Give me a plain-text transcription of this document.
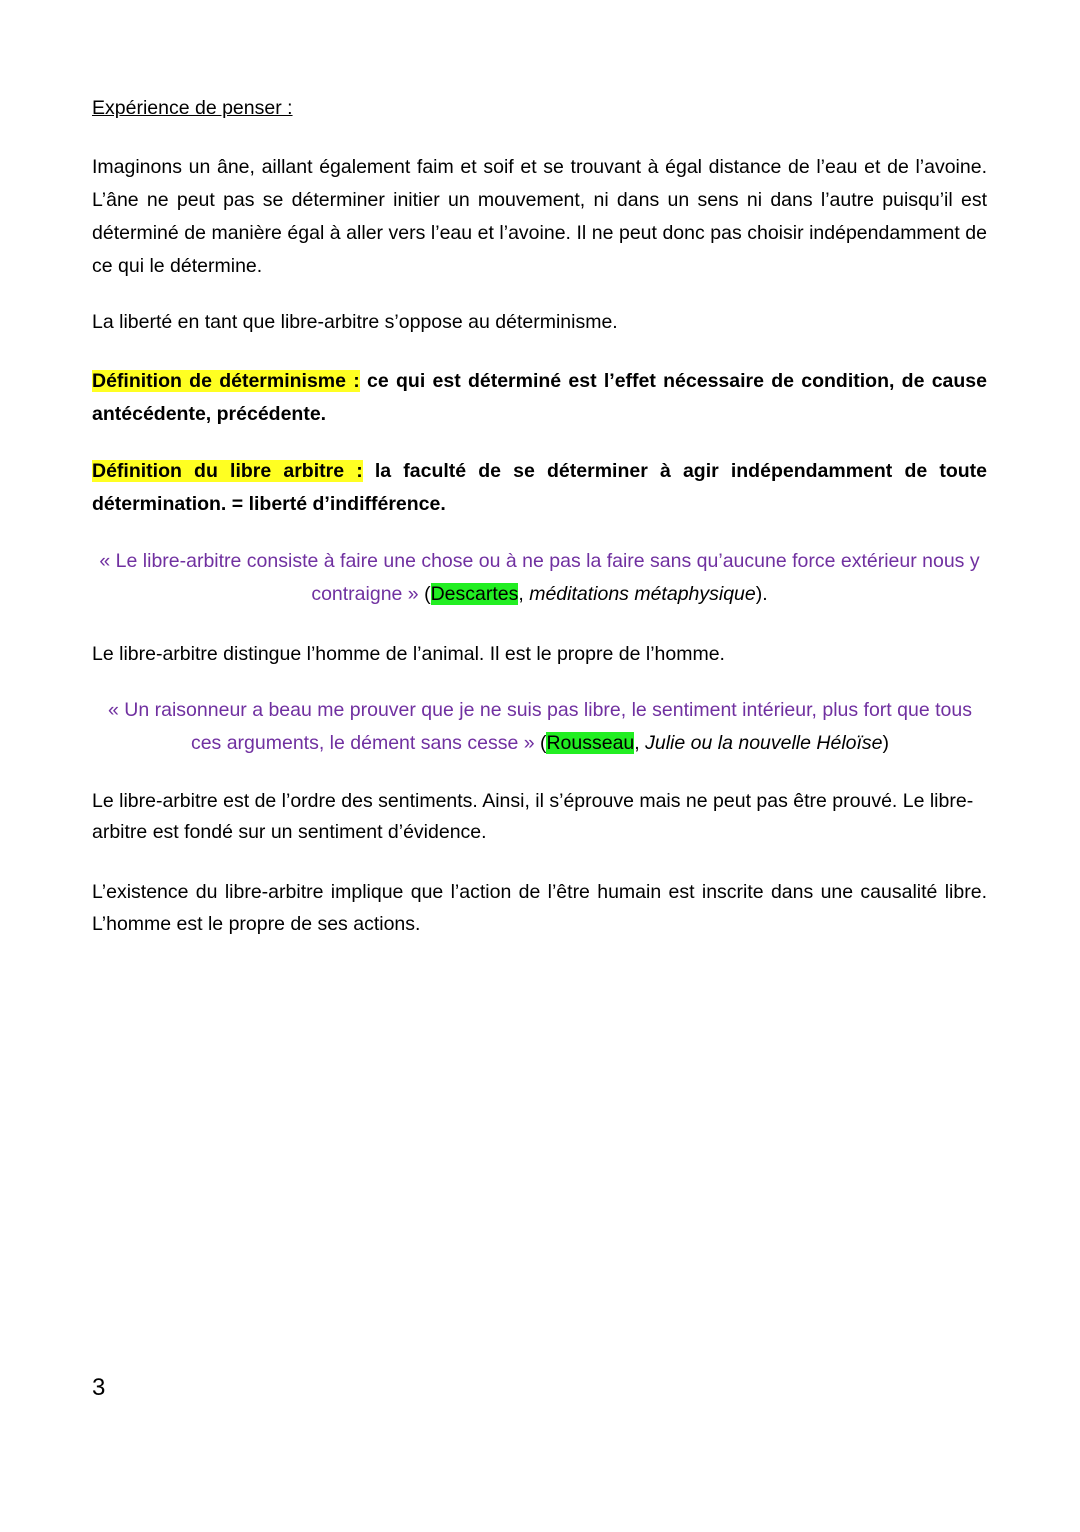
Expérience de penser :
Imaginons un âne, aillant également faim et soif et se trouvant à égal distance de l’eau et de l’avoine. L’âne ne peut pas se déterminer initier un mouvement, ni dans un sens ni dans l’autre puisqu’il est déterminé de manière égal à aller vers l’eau et l’avoine. Il ne peut donc pas choisir indépendamment de ce qui le détermine.
La liberté en tant que libre-arbitre s’oppose au déterminisme.
Définition de déterminisme : ce qui est déterminé est l’effet nécessaire de condition, de cause antécédente, précédente.
Définition du libre arbitre : la faculté de se déterminer à agir indépendamment de toute détermination. = liberté d’indifférence.
« Le libre-arbitre consiste à faire une chose ou à ne pas la faire sans qu’aucune force extérieur nous y contraigne » (Descartes, méditations métaphysique).
Le libre-arbitre distingue l’homme de l’animal. Il est le propre de l’homme.
« Un raisonneur a beau me prouver que je ne suis pas libre, le sentiment intérieur, plus fort que tous ces arguments, le dément sans cesse » (Rousseau, Julie ou la nouvelle Héloïse)
Le libre-arbitre est de l’ordre des sentiments. Ainsi, il s’éprouve mais ne peut pas être prouvé. Le libre-arbitre est fondé sur un sentiment d’évidence.
L’existence du libre-arbitre implique que l’action de l’être humain est inscrite dans une causalité libre. L’homme est le propre de ses actions.
3
